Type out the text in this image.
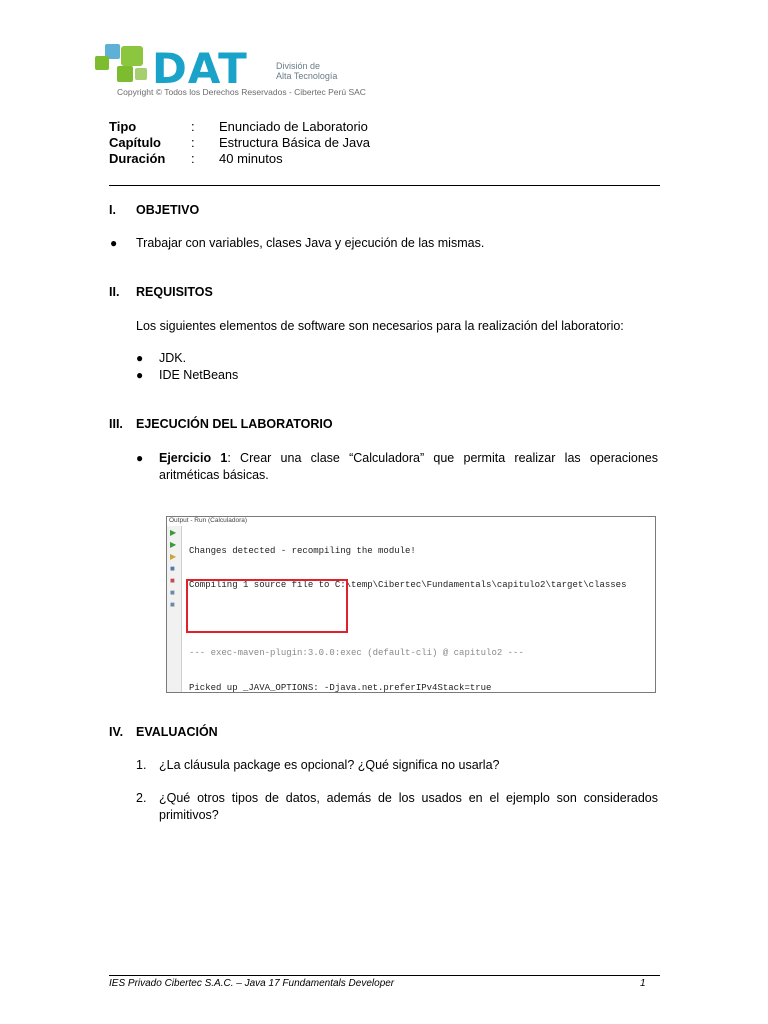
DAT	División de
Alta Tecnología
Copyright © Todos los Derechos Reservados - Cibertec Perú SAC
Tipo	: Enunciado de Laboratorio
Capítulo : Estructura Básica de Java
Duración : 40 minutos
I. OBJETIVO
● Trabajar con variables, clases Java y ejecución de las mismas.
II. REQUISITOS
Los siguientes elementos de software son necesarios para la realización del laboratorio:
● JDK.
● IDE NetBeans
III. EJECUCIÓN DEL LABORATORIO
● Ejercicio 1: Crear una clase “Calculadora” que permita realizar las operaciones aritméticas básicas.
Output - Run (Calculadora)
▶
▶
▶
■
■
■
■

Changes detected - recompiling the module!

Compiling 1 source file to C:\temp\Cibertec\Fundamentals\capitulo2\target\classes

--- exec-maven-plugin:3.0.0:exec (default-cli) @ capitulo2 ---

Picked up _JAVA_OPTIONS: -Djava.net.preferIPv4Stack=true

IV. EVALUACIÓN
1. ¿La cláusula package es opcional? ¿Qué significa no usarla?
2. ¿Qué otros tipos de datos, además de los usados en el ejemplo son considerados primitivos?
IES Privado Cibertec S.A.C. – Java 17 Fundamentals Developer	1
